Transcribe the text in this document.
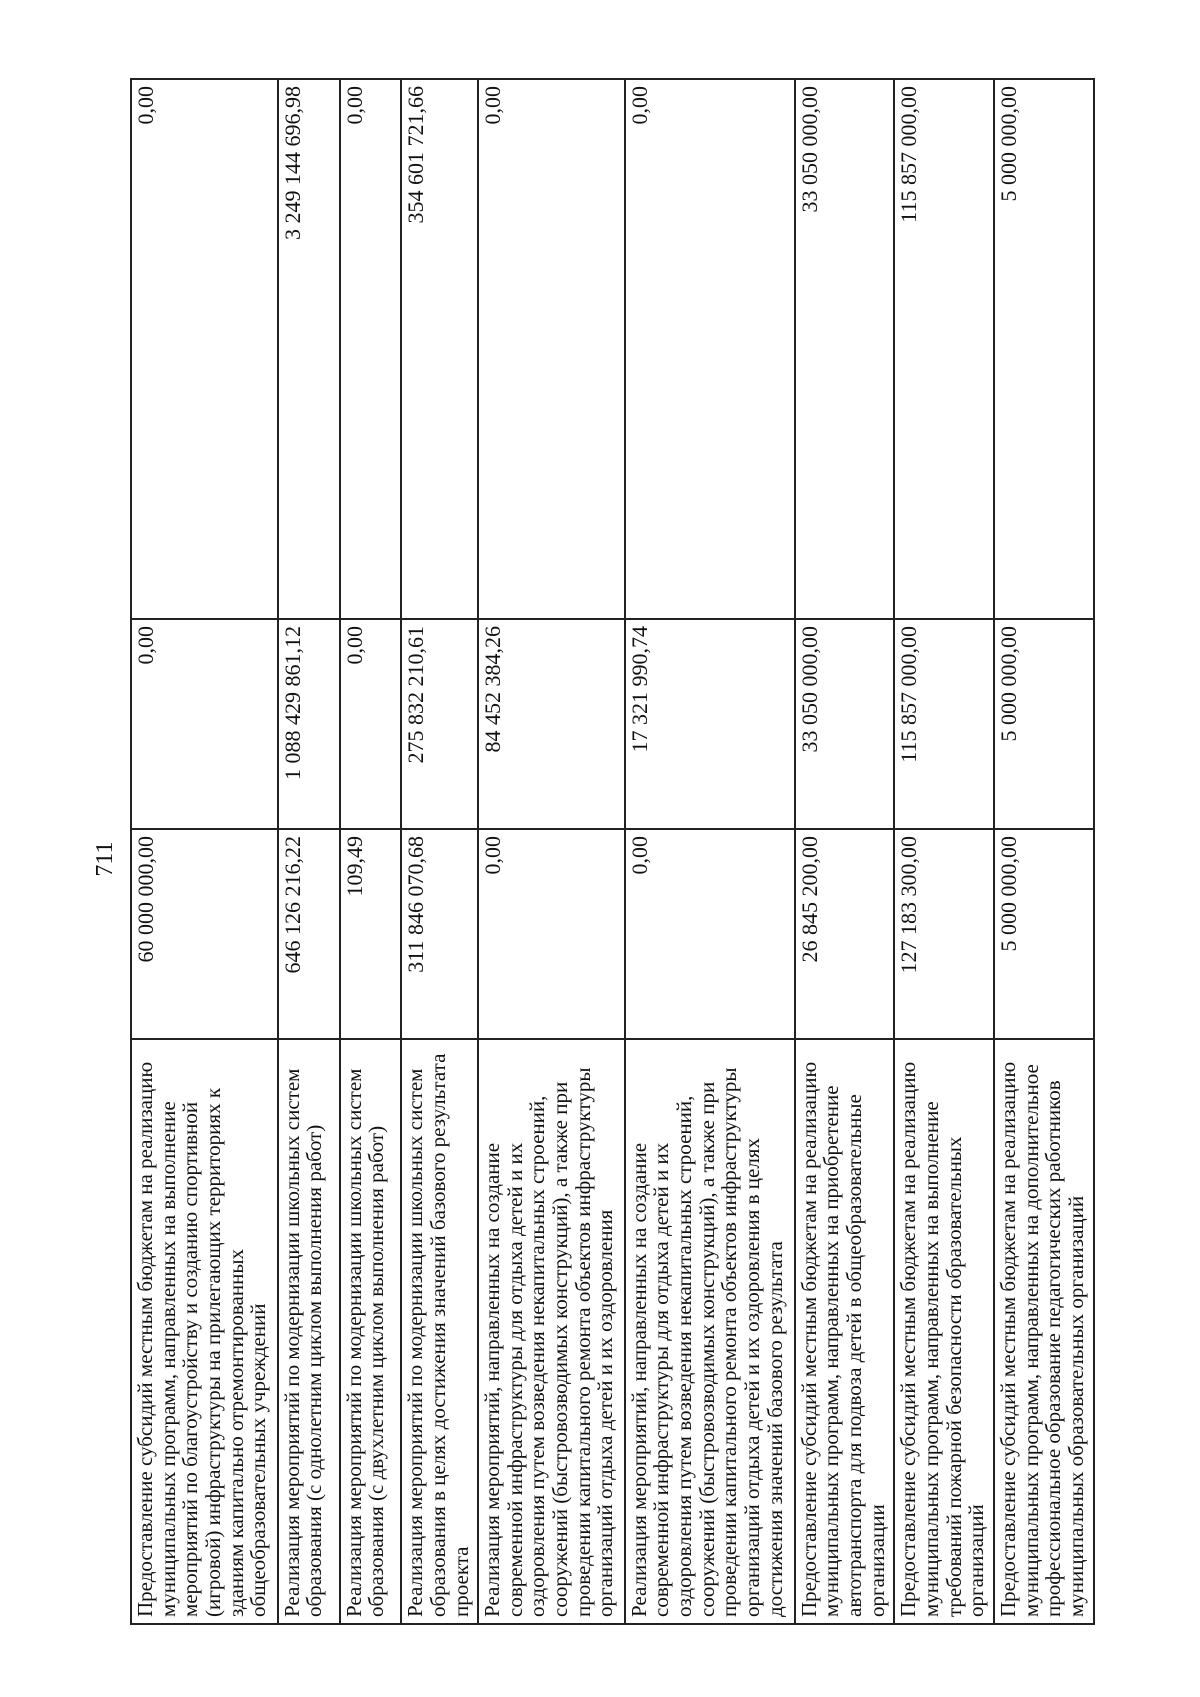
711
Предоставление субсидий местным бюджетам на реализацию муниципальных программ, направленных на выполнение мероприятий по благоустройству и созданию спортивной (игровой) инфраструктуры на прилегающих территориях к зданиям капитально отремонтированных общеобразовательных учреждений	60 000 000,00	0,00	0,00
Реализация мероприятий по модернизации школьных систем образования (с однолетним циклом выполнения работ)	646 126 216,22	1 088 429 861,12	3 249 144 696,98
Реализация мероприятий по модернизации школьных систем образования (с двухлетним циклом выполнения работ)	109,49	0,00	0,00
Реализация мероприятий по модернизации школьных систем образования в целях достижения значений базового результата проекта	311 846 070,68	275 832 210,61	354 601 721,66
Реализация мероприятий, направленных на создание современной инфраструктуры для отдыха детей и их оздоровления путем возведения некапитальных строений, сооружений (быстровозводимых конструкций), а также при проведении капитального ремонта объектов инфраструктуры организаций отдыха детей и их оздоровления	0,00	84 452 384,26	0,00
Реализация мероприятий, направленных на создание современной инфраструктуры для отдыха детей и их оздоровления путем возведения некапитальных строений, сооружений (быстровозводимых конструкций), а также при проведении капитального ремонта объектов инфраструктуры организаций отдыха детей и их оздоровления в целях достижения значений базового результата	0,00	17 321 990,74	0,00
Предоставление субсидий местным бюджетам на реализацию муниципальных программ, направленных на приобретение автотранспорта для подвоза детей в общеобразовательные организации	26 845 200,00	33 050 000,00	33 050 000,00
Предоставление субсидий местным бюджетам на реализацию муниципальных программ, направленных на выполнение требований пожарной безопасности образовательных организаций	127 183 300,00	115 857 000,00	115 857 000,00
Предоставление субсидий местным бюджетам на реализацию муниципальных программ, направленных на дополнительное профессиональное образование педагогических работников муниципальных образовательных организаций	5 000 000,00	5 000 000,00	5 000 000,00
